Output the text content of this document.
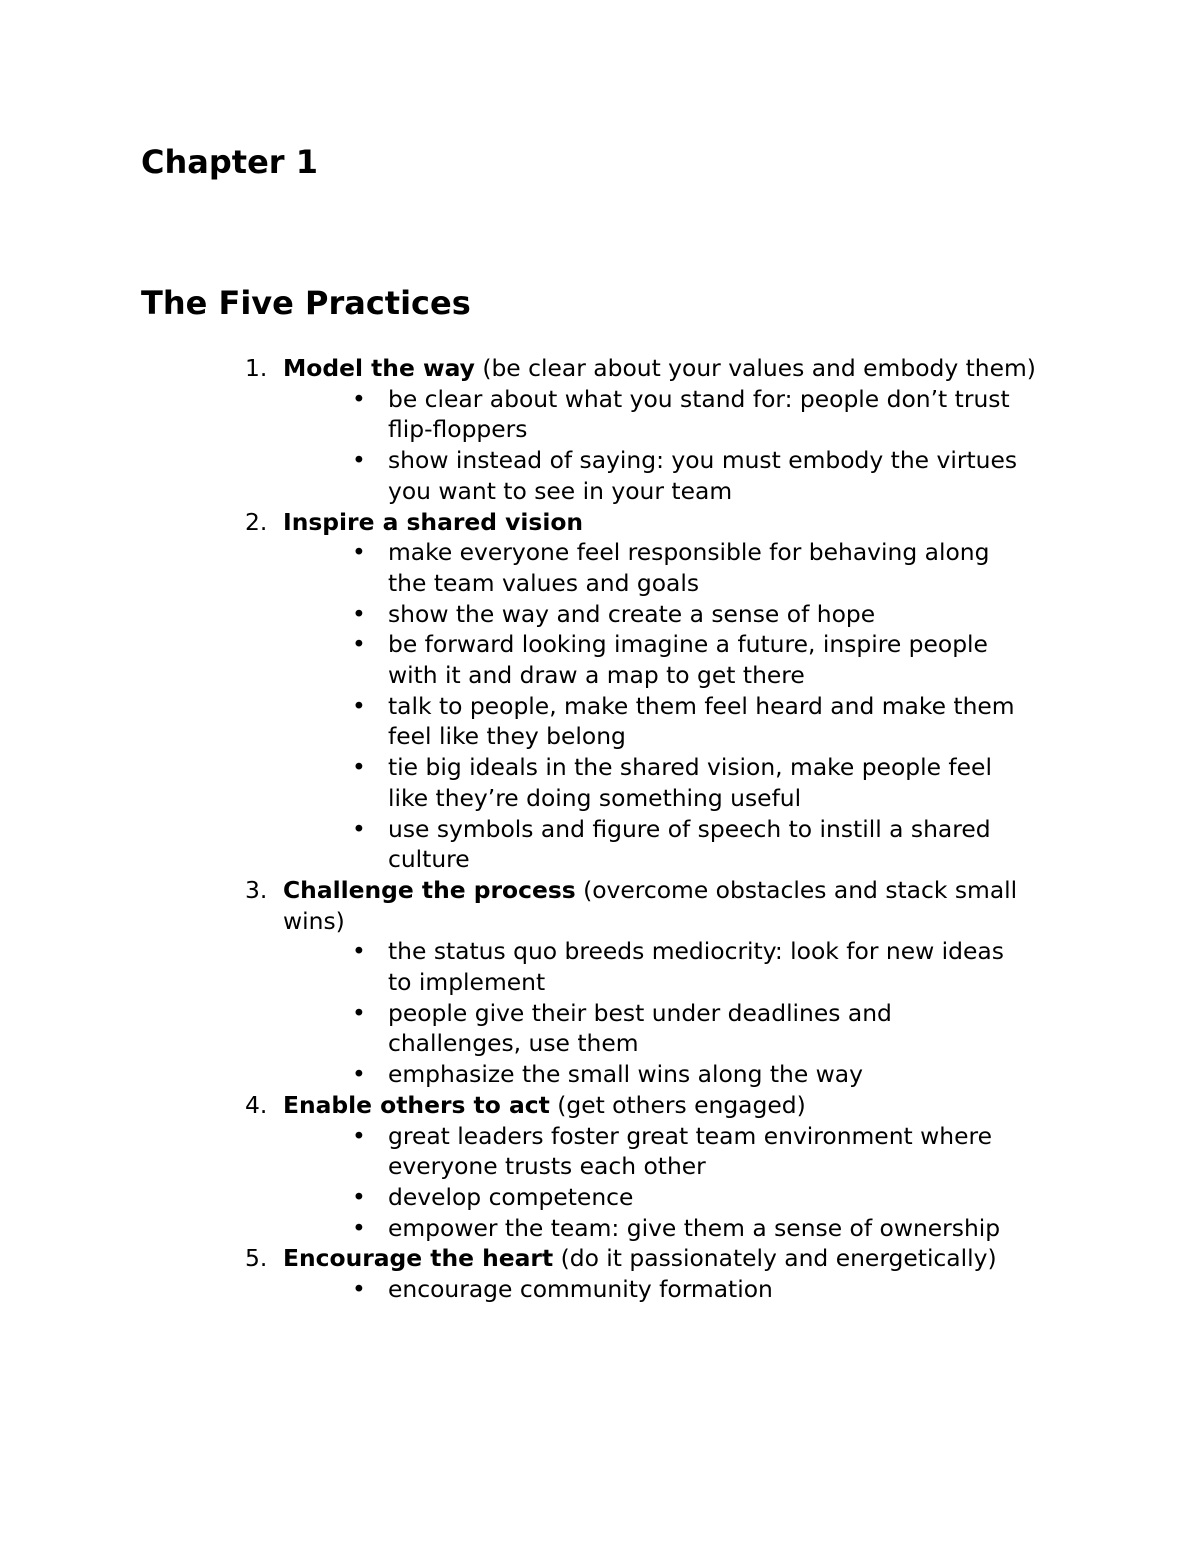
Chapter 1
The Five Practices
1. Model the way (be clear about your values and embody them)
• be clear about what you stand for: people don’t trust flip-floppers
• show instead of saying: you must embody the virtues you want to see in your team
2. Inspire a shared vision
• make everyone feel responsible for behaving along the team values and goals
• show the way and create a sense of hope
• be forward looking imagine a future, inspire people with it and draw a map to get there
• talk to people, make them feel heard and make them feel like they belong
• tie big ideals in the shared vision, make people feel like they’re doing something useful
• use symbols and figure of speech to instill a shared culture
3. Challenge the process (overcome obstacles and stack small wins)
• the status quo breeds mediocrity: look for new ideas to implement
• people give their best under deadlines and challenges, use them
• emphasize the small wins along the way
4. Enable others to act (get others engaged)
• great leaders foster great team environment where everyone trusts each other
• develop competence
• empower the team: give them a sense of ownership
5. Encourage the heart (do it passionately and energetically)
• encourage community formation
